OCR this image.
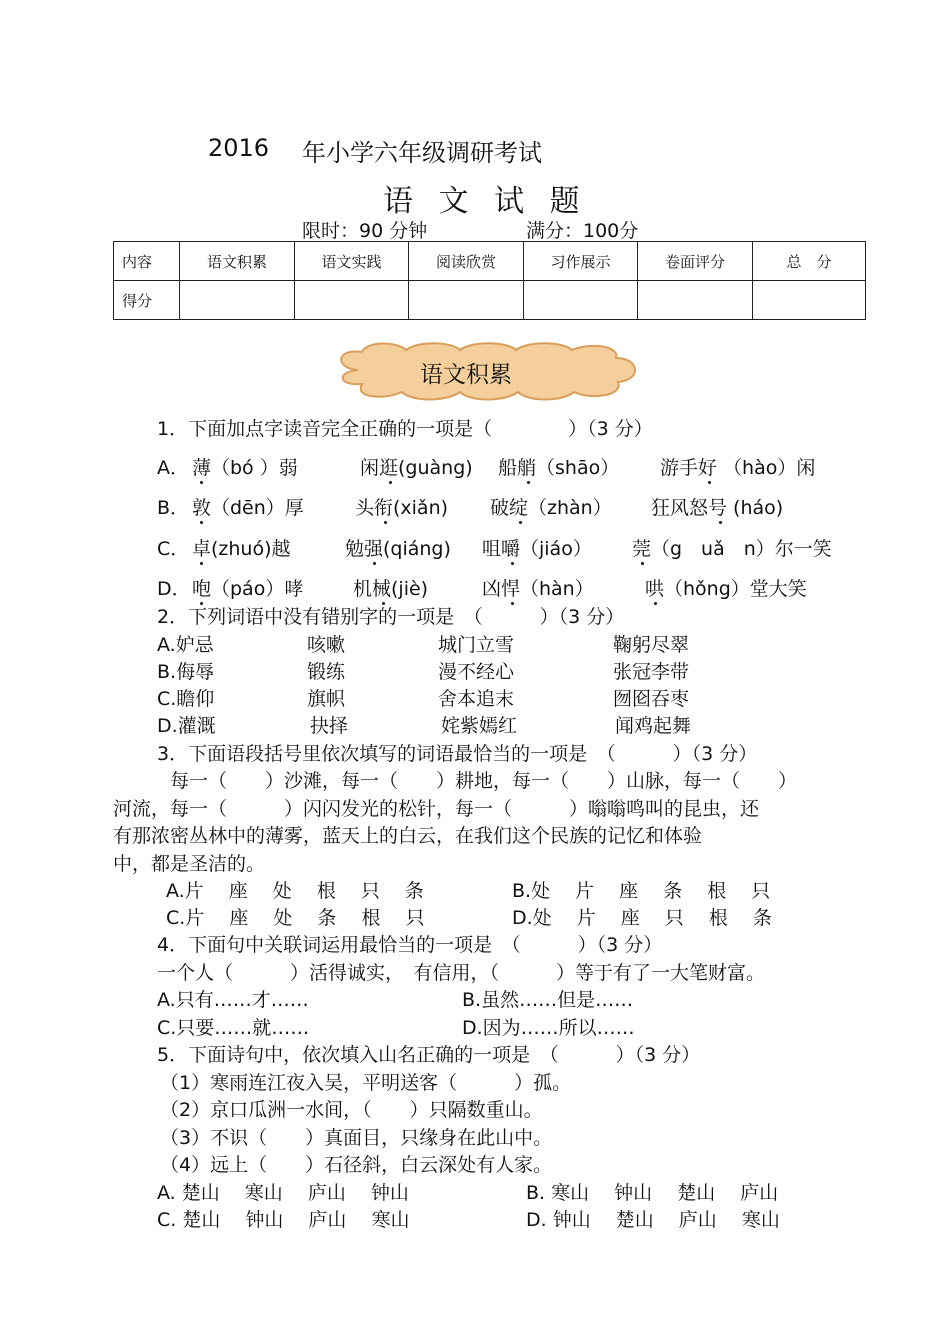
2016 年小学六年级调研考试
语 文 试 题
限时：90 分钟	满分：100分
内容	语文积累	语文实践	阅读欣赏	习作展示	卷面评分	总　分
得分						
语文积累
1．下面加点字读音完全正确的一项是（　　　　）（3 分）
A． 薄（bó ）弱	闲逛(guàng) 船艄（shāo） 游手好 （hào）闲
B． 敦（dēn）厚	头衔(xiǎn) 破绽（zhàn） 狂风怒号 (háo)
C． 卓(zhuó)越	勉强(qiáng) 咀嚼（jiáo） 莞（g　uǎ　n）尔一笑
D． 咆（páo）哮	机械(jiè)	凶悍（hàn）	哄（hǒng）堂大笑
2．下列词语中没有错别字的一项是　（　　　）（3 分）
A.妒忌	咳嗽	城门立雪	鞠躬尽翠
B.侮辱	锻练	漫不经心	张冠李带
C.瞻仰	旗帜	舍本追末	囫囵吞枣
D.灌溉	抉择	姹紫嫣红	闻鸡起舞
3．下面语段括号里依次填写的词语最恰当的一项是　（　　　）（3 分）
每一（　　）沙滩，每一（　　）耕地，每一（　　）山脉，每一（　　）
河流，每一（　　　）闪闪发光的松针，每一（　　　）嗡嗡鸣叫的昆虫，还
有那浓密丛林中的薄雾，蓝天上的白云，在我们这个民族的记忆和体验
中，都是圣洁的。
A.片　 座　 处　 根　 只　 条	B.处　 片　 座　 条　 根　 只
C.片　 座　 处　 条　 根　 只	D.处　 片　 座　 只　 根　 条
4．下面句中关联词运用最恰当的一项是　（　　　）（3 分）
一个人（　　　）活得诚实，　有信用，（　　　）等于有了一大笔财富。
A.只有……才……	B.虽然……但是……
C.只要……就……	D.因为……所以……
5．下面诗句中，依次填入山名正确的一项是　（　　　）（3 分）
（1）寒雨连江夜入吴，平明送客（　　　）孤。
（2）京口瓜洲一水间，（　　）只隔数重山。
（3）不识（　　）真面目，只缘身在此山中。
（4）远上（　　）石径斜，白云深处有人家。
A. 楚山　 寒山　 庐山　 钟山	B. 寒山　 钟山　 楚山　 庐山
C. 楚山　 钟山　 庐山　 寒山	D. 钟山　 楚山　 庐山　 寒山
